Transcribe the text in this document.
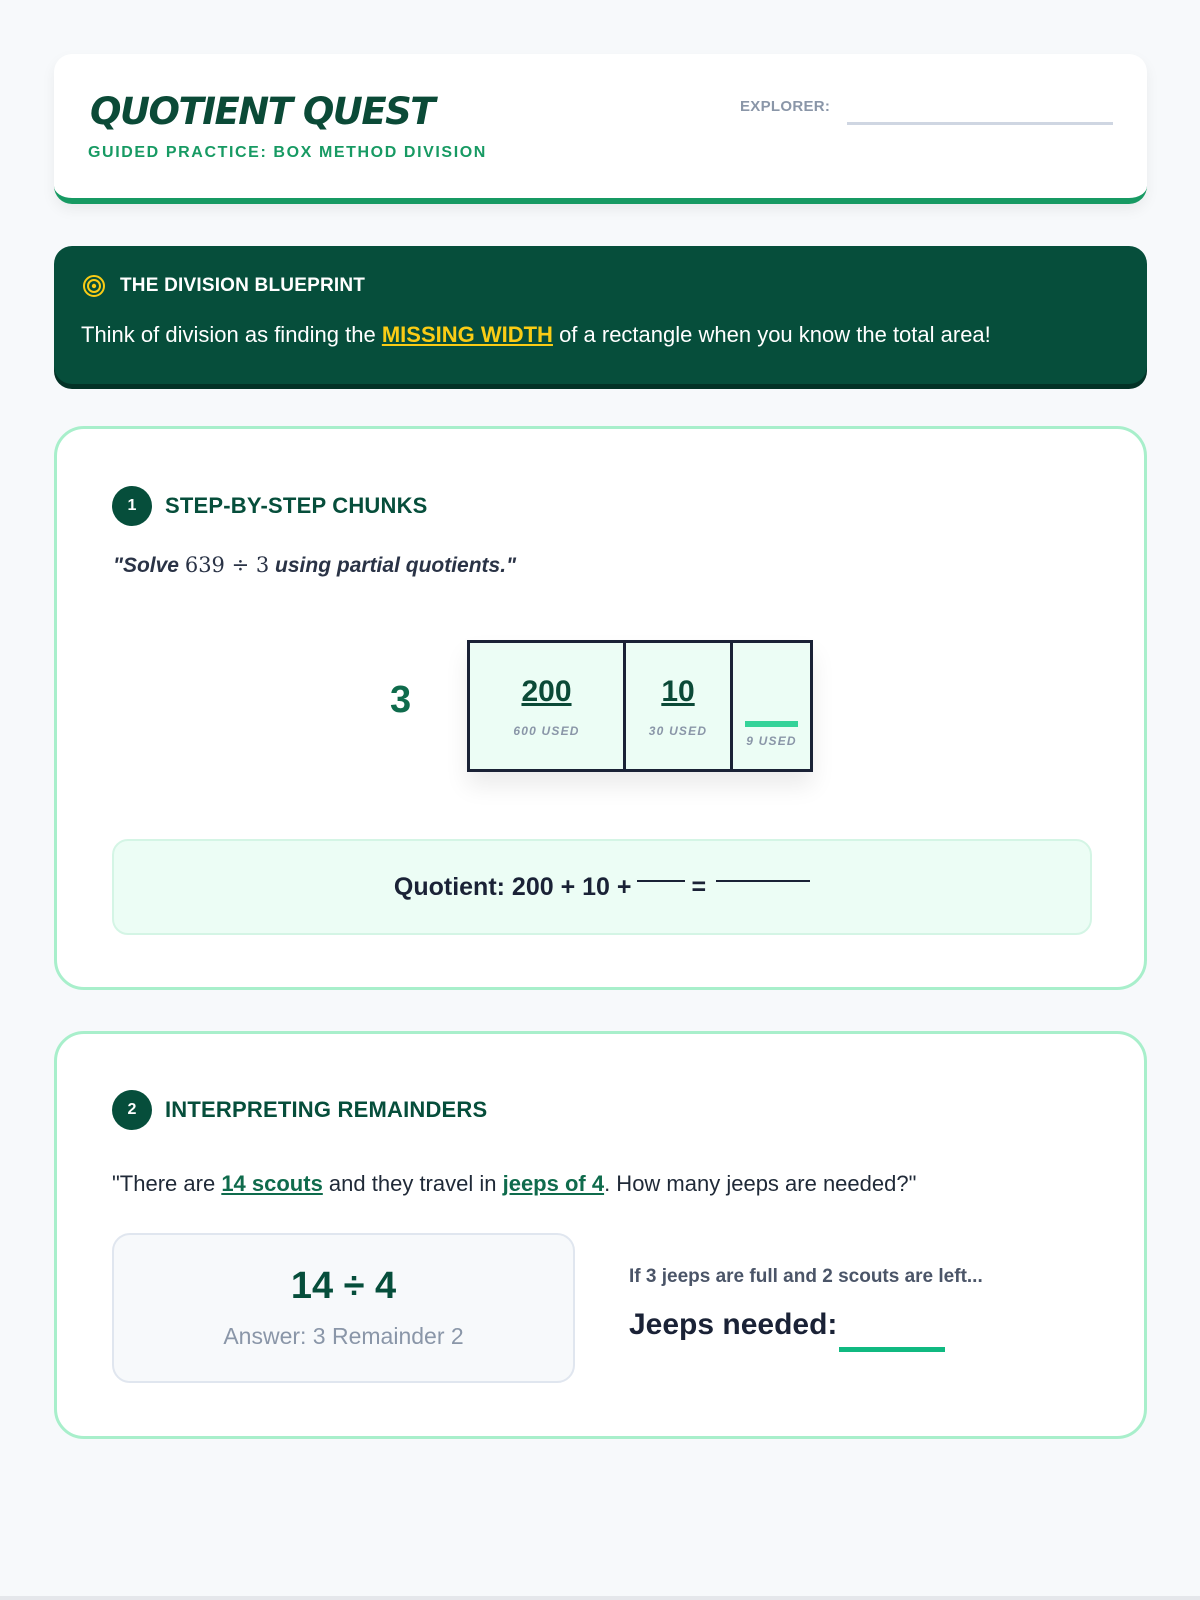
QUOTIENT QUEST
GUIDED PRACTICE: BOX METHOD DIVISION
EXPLORER:
THE DIVISION BLUEPRINT
Think of division as finding the MISSING WIDTH of a rectangle when you know the total area!
1	STEP-BY-STEP CHUNKS
"Solve 639 ÷ 3 using partial quotients."
3	200
600 USED
10
30 USED
9 USED
Quotient: 200 + 10 + =
2	INTERPRETING REMAINDERS
"There are 14 scouts and they travel in jeeps of 4. How many jeeps are needed?"
14 ÷ 4
Answer: 3 Remainder 2
If 3 jeeps are full and 2 scouts are left...
Jeeps needed:
